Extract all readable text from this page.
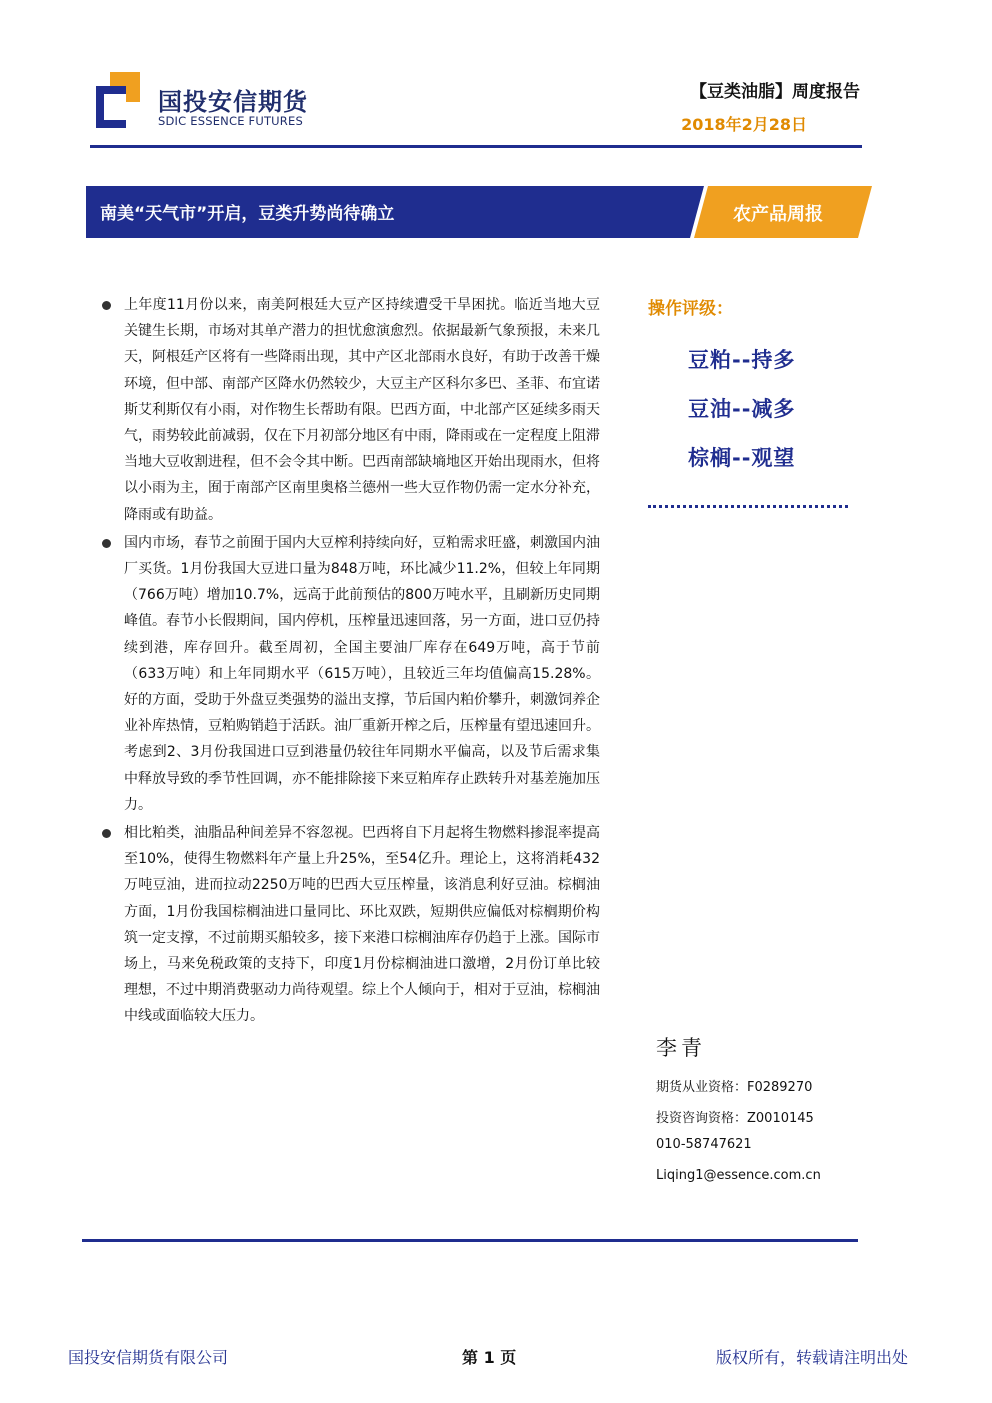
国投安信期货
SDIC ESSENCE FUTURES
【豆类油脂】周度报告
2018年2月28日
南美“天气市”开启，豆类升势尚待确立	农产品周报
上年度11月份以来，南美阿根廷大豆产区持续遭受干旱困扰。临近当地大豆关键生长期，市场对其单产潜力的担忧愈演愈烈。依据最新气象预报，未来几天，阿根廷产区将有一些降雨出现，其中产区北部雨水良好，有助于改善干燥环境，但中部、南部产区降水仍然较少，大豆主产区科尔多巴、圣菲、布宜诺斯艾利斯仅有小雨，对作物生长帮助有限。巴西方面，中北部产区延续多雨天气，雨势较此前减弱，仅在下月初部分地区有中雨，降雨或在一定程度上阻滞当地大豆收割进程，但不会令其中断。巴西南部缺墒地区开始出现雨水，但将以小雨为主，囿于南部产区南里奥格兰德州一些大豆作物仍需一定水分补充，降雨或有助益。
国内市场，春节之前囿于国内大豆榨利持续向好，豆粕需求旺盛，刺激国内油厂买货。1月份我国大豆进口量为848万吨，环比减少11.2%，但较上年同期（766万吨）增加10.7%，远高于此前预估的800万吨水平，且刷新历史同期峰值。春节小长假期间，国内停机，压榨量迅速回落，另一方面，进口豆仍持续到港，库存回升。截至周初，全国主要油厂库存在649万吨，高于节前（633万吨）和上年同期水平（615万吨），且较近三年均值偏高15.28%。好的方面，受助于外盘豆类强势的溢出支撑，节后国内粕价攀升，刺激饲养企业补库热情，豆粕购销趋于活跃。油厂重新开榨之后，压榨量有望迅速回升。考虑到2、3月份我国进口豆到港量仍较往年同期水平偏高，以及节后需求集中释放导致的季节性回调，亦不能排除接下来豆粕库存止跌转升对基差施加压力。
相比粕类，油脂品种间差异不容忽视。巴西将自下月起将生物燃料掺混率提高至10%，使得生物燃料年产量上升25%，至54亿升。理论上，这将消耗432万吨豆油，进而拉动2250万吨的巴西大豆压榨量，该消息利好豆油。棕榈油方面，1月份我国棕榈油进口量同比、环比双跌，短期供应偏低对棕榈期价构筑一定支撑，不过前期买船较多，接下来港口棕榈油库存仍趋于上涨。国际市场上，马来免税政策的支持下，印度1月份棕榈油进口激增，2月份订单比较理想，不过中期消费驱动力尚待观望。综上个人倾向于，相对于豆油，棕榈油中线或面临较大压力。
操作评级：
豆粕--持多
豆油--减多
棕榈--观望
李青
期货从业资格：F0289270
投资咨询资格：Z0010145
010-58747621
Liqing1@essence.com.cn
国投安信期货有限公司	第 1 页	版权所有，转载请注明出处
